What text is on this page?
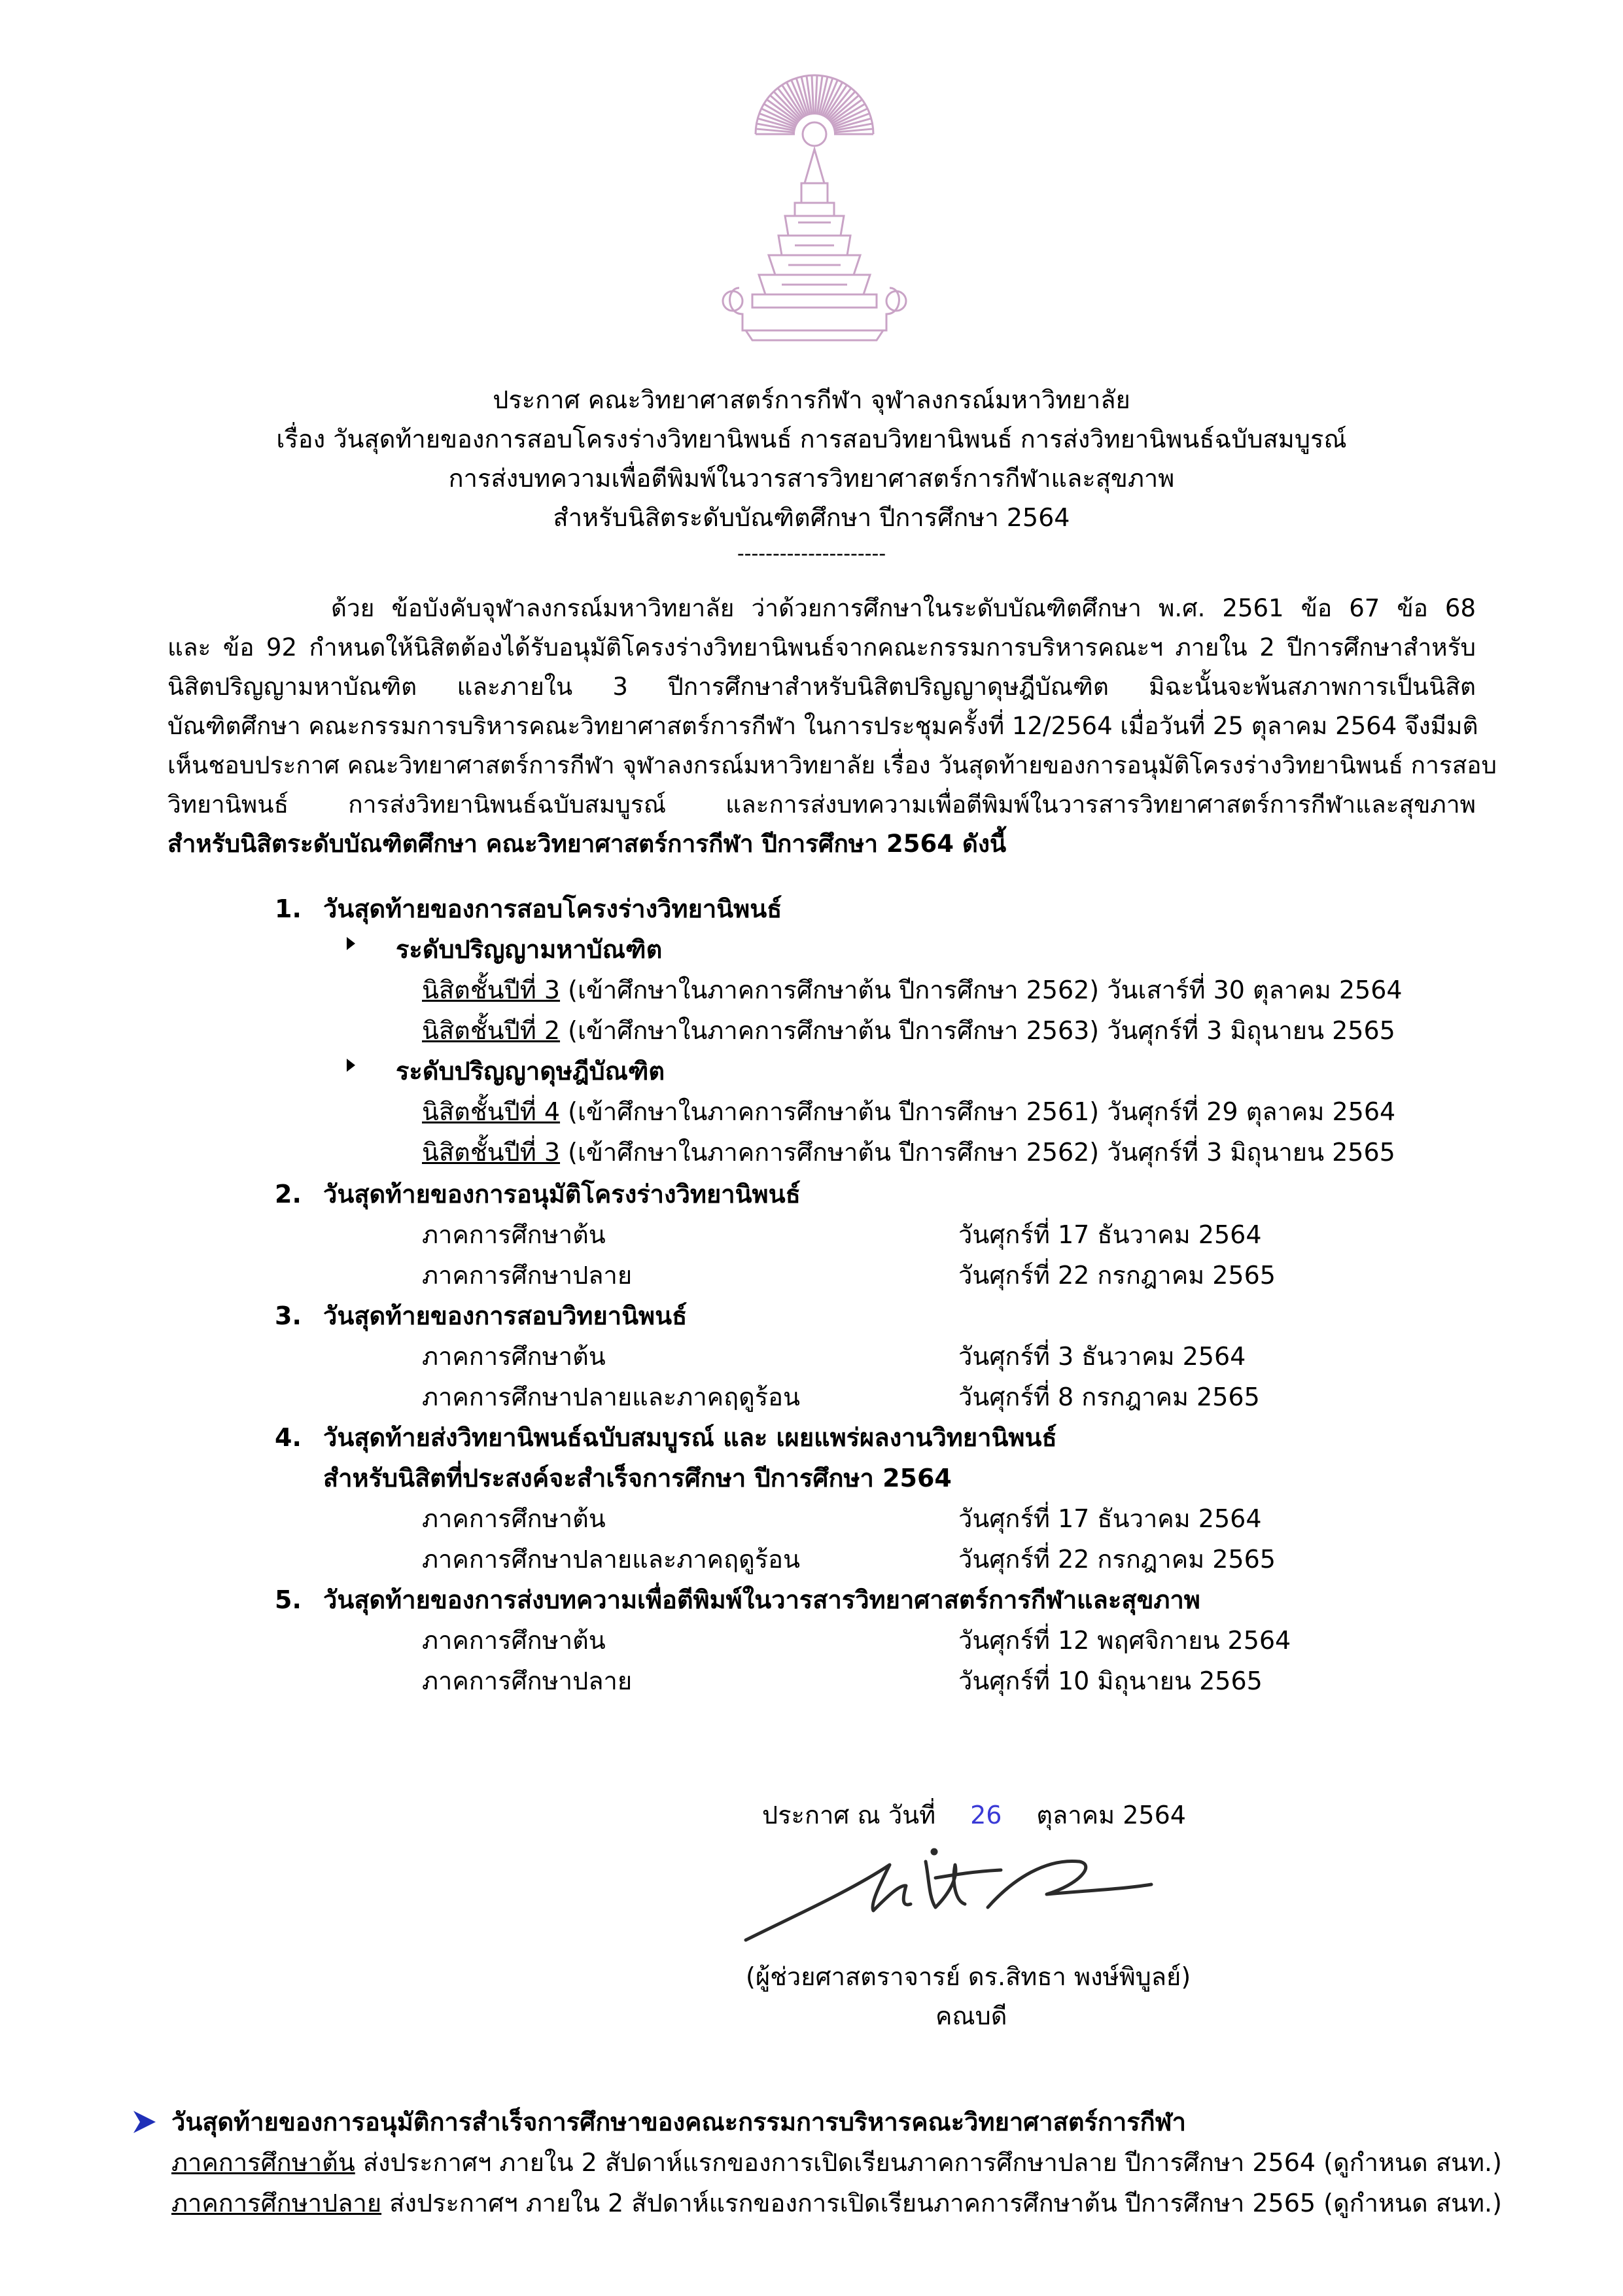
ประกาศ คณะวิทยาศาสตร์การกีฬา จุฬาลงกรณ์มหาวิทยาลัย
เรื่อง วันสุดท้ายของการสอบโครงร่างวิทยานิพนธ์ การสอบวิทยานิพนธ์ การส่งวิทยานิพนธ์ฉบับสมบูรณ์
การส่งบทความเพื่อตีพิมพ์ในวารสารวิทยาศาสตร์การกีฬาและสุขภาพ
สำหรับนิสิตระดับบัณฑิตศึกษา ปีการศึกษา 2564
---------------------
ด้วย ข้อบังคับจุฬาลงกรณ์มหาวิทยาลัย ว่าด้วยการศึกษาในระดับบัณฑิตศึกษา พ.ศ. 2561 ข้อ 67 ข้อ 68
และ ข้อ 92 กำหนดให้นิสิตต้องได้รับอนุมัติโครงร่างวิทยานิพนธ์จากคณะกรรมการบริหารคณะฯ ภายใน 2 ปีการศึกษาสำหรับ
นิสิตปริญญามหาบัณฑิต และภายใน 3 ปีการศึกษาสำหรับนิสิตปริญญาดุษฎีบัณฑิต มิฉะนั้นจะพ้นสภาพการเป็นนิสิต
บัณฑิตศึกษา คณะกรรมการบริหารคณะวิทยาศาสตร์การกีฬา ในการประชุมครั้งที่ 12/2564 เมื่อวันที่ 25 ตุลาคม 2564 จึงมีมติ
เห็นชอบประกาศ คณะวิทยาศาสตร์การกีฬา จุฬาลงกรณ์มหาวิทยาลัย เรื่อง วันสุดท้ายของการอนุมัติโครงร่างวิทยานิพนธ์ การสอบ
วิทยานิพนธ์ การส่งวิทยานิพนธ์ฉบับสมบูรณ์ และการส่งบทความเพื่อตีพิมพ์ในวารสารวิทยาศาสตร์การกีฬาและสุขภาพ
สำหรับนิสิตระดับบัณฑิตศึกษา คณะวิทยาศาสตร์การกีฬา ปีการศึกษา 2564 ดังนี้
1. วันสุดท้ายของการสอบโครงร่างวิทยานิพนธ์
ระดับปริญญามหาบัณฑิต
นิสิตชั้นปีที่ 3 (เข้าศึกษาในภาคการศึกษาต้น ปีการศึกษา 2562) วันเสาร์ที่ 30 ตุลาคม 2564
นิสิตชั้นปีที่ 2 (เข้าศึกษาในภาคการศึกษาต้น ปีการศึกษา 2563) วันศุกร์ที่ 3 มิถุนายน 2565
ระดับปริญญาดุษฎีบัณฑิต
นิสิตชั้นปีที่ 4 (เข้าศึกษาในภาคการศึกษาต้น ปีการศึกษา 2561) วันศุกร์ที่ 29 ตุลาคม 2564
นิสิตชั้นปีที่ 3 (เข้าศึกษาในภาคการศึกษาต้น ปีการศึกษา 2562) วันศุกร์ที่ 3 มิถุนายน 2565
2. วันสุดท้ายของการอนุมัติโครงร่างวิทยานิพนธ์
ภาคการศึกษาต้น	วันศุกร์ที่ 17 ธันวาคม 2564
ภาคการศึกษาปลาย	วันศุกร์ที่ 22 กรกฎาคม 2565
3. วันสุดท้ายของการสอบวิทยานิพนธ์
ภาคการศึกษาต้น	วันศุกร์ที่ 3 ธันวาคม 2564
ภาคการศึกษาปลายและภาคฤดูร้อน	วันศุกร์ที่ 8 กรกฎาคม 2565
4. วันสุดท้ายส่งวิทยานิพนธ์ฉบับสมบูรณ์ และ เผยแพร่ผลงานวิทยานิพนธ์
สำหรับนิสิตที่ประสงค์จะสำเร็จการศึกษา ปีการศึกษา 2564
ภาคการศึกษาต้น	วันศุกร์ที่ 17 ธันวาคม 2564
ภาคการศึกษาปลายและภาคฤดูร้อน	วันศุกร์ที่ 22 กรกฎาคม 2565
5. วันสุดท้ายของการส่งบทความเพื่อตีพิมพ์ในวารสารวิทยาศาสตร์การกีฬาและสุขภาพ
ภาคการศึกษาต้น	วันศุกร์ที่ 12 พฤศจิกายน 2564
ภาคการศึกษาปลาย	วันศุกร์ที่ 10 มิถุนายน 2565
ประกาศ ณ วันที่ 26 ตุลาคม 2564
(ผู้ช่วยศาสตราจารย์ ดร.สิทธา พงษ์พิบูลย์)
คณบดี
วันสุดท้ายของการอนุมัติการสำเร็จการศึกษาของคณะกรรมการบริหารคณะวิทยาศาสตร์การกีฬา
ภาคการศึกษาต้น ส่งประกาศฯ ภายใน 2 สัปดาห์แรกของการเปิดเรียนภาคการศึกษาปลาย ปีการศึกษา 2564 (ดูกำหนด สนท.)
ภาคการศึกษาปลาย ส่งประกาศฯ ภายใน 2 สัปดาห์แรกของการเปิดเรียนภาคการศึกษาต้น ปีการศึกษา 2565 (ดูกำหนด สนท.)
